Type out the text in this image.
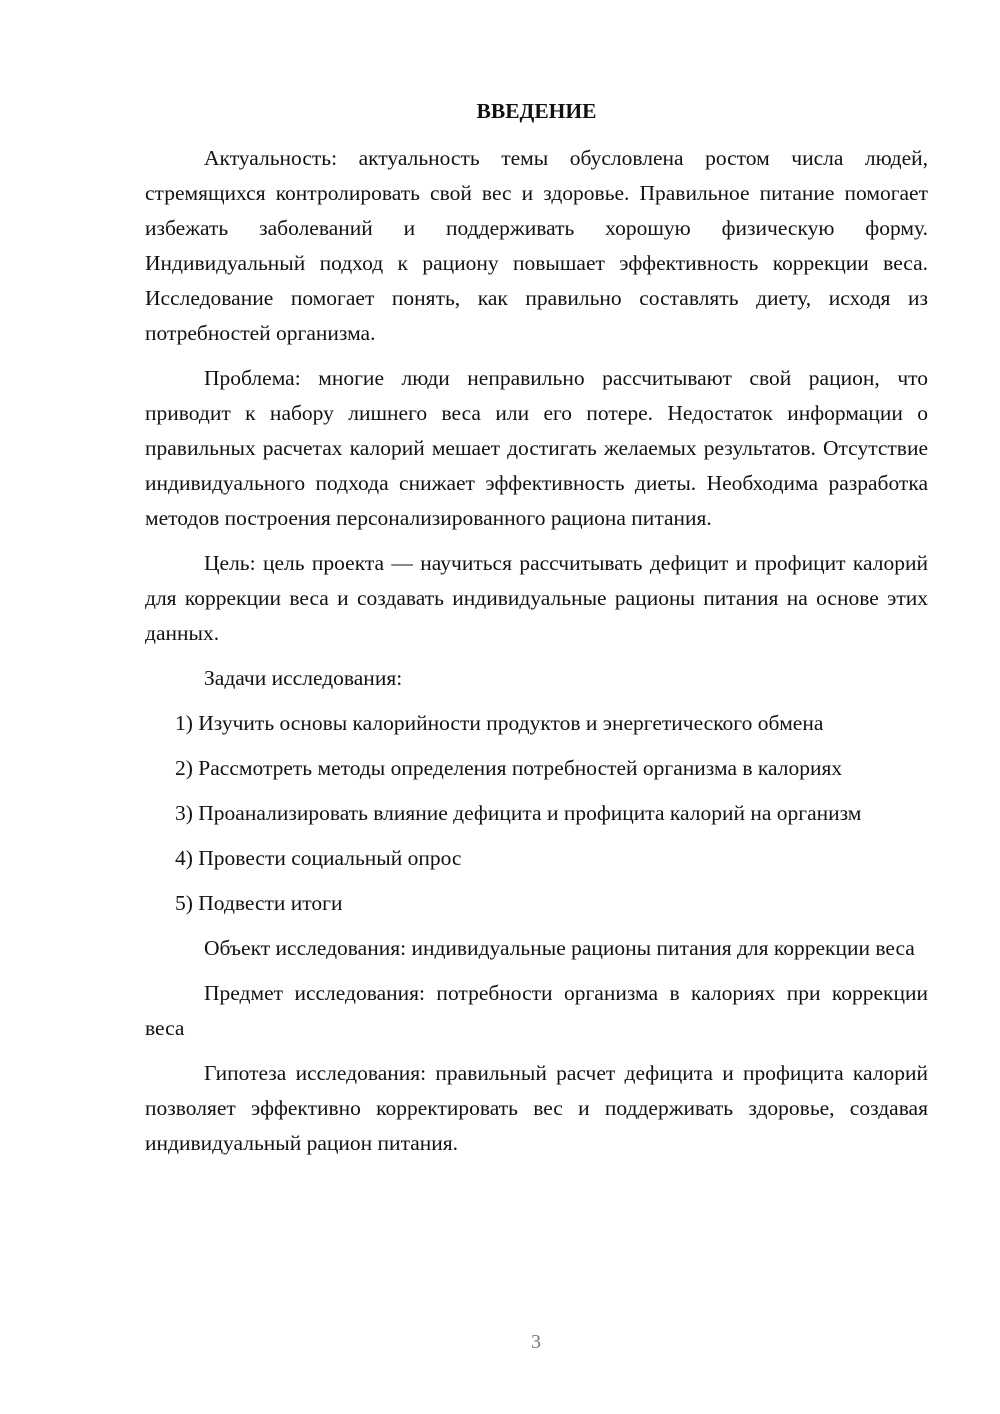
ВВЕДЕНИЕ

Актуальность: актуальность темы обусловлена ростом числа людей, стремящихся контролировать свой вес и здоровье. Правильное питание помогает избежать заболеваний и поддерживать хорошую физическую форму. Индивидуальный подход к рациону повышает эффективность коррекции веса. Исследование помогает понять, как правильно составлять диету, исходя из потребностей организма.

Проблема: многие люди неправильно рассчитывают свой рацион, что приводит к набору лишнего веса или его потере. Недостаток информации о правильных расчетах калорий мешает достигать желаемых результатов. Отсутствие индивидуального подхода снижает эффективность диеты. Необходима разработка методов построения персонализированного рациона питания.

Цель: цель проекта — научиться рассчитывать дефицит и профицит калорий для коррекции веса и создавать индивидуальные рационы питания на основе этих данных.

Задачи исследования:

1) Изучить основы калорийности продуктов и энергетического обмена

2) Рассмотреть методы определения потребностей организма в калориях

3) Проанализировать влияние дефицита и профицита калорий на организм

4) Провести социальный опрос

5) Подвести итоги

Объект исследования: индивидуальные рационы питания для коррекции веса

Предмет исследования: потребности организма в калориях при коррекции веса

Гипотеза исследования: правильный расчет дефицита и профицита калорий позволяет эффективно корректировать вес и поддерживать здоровье, создавая индивидуальный рацион питания.

3
